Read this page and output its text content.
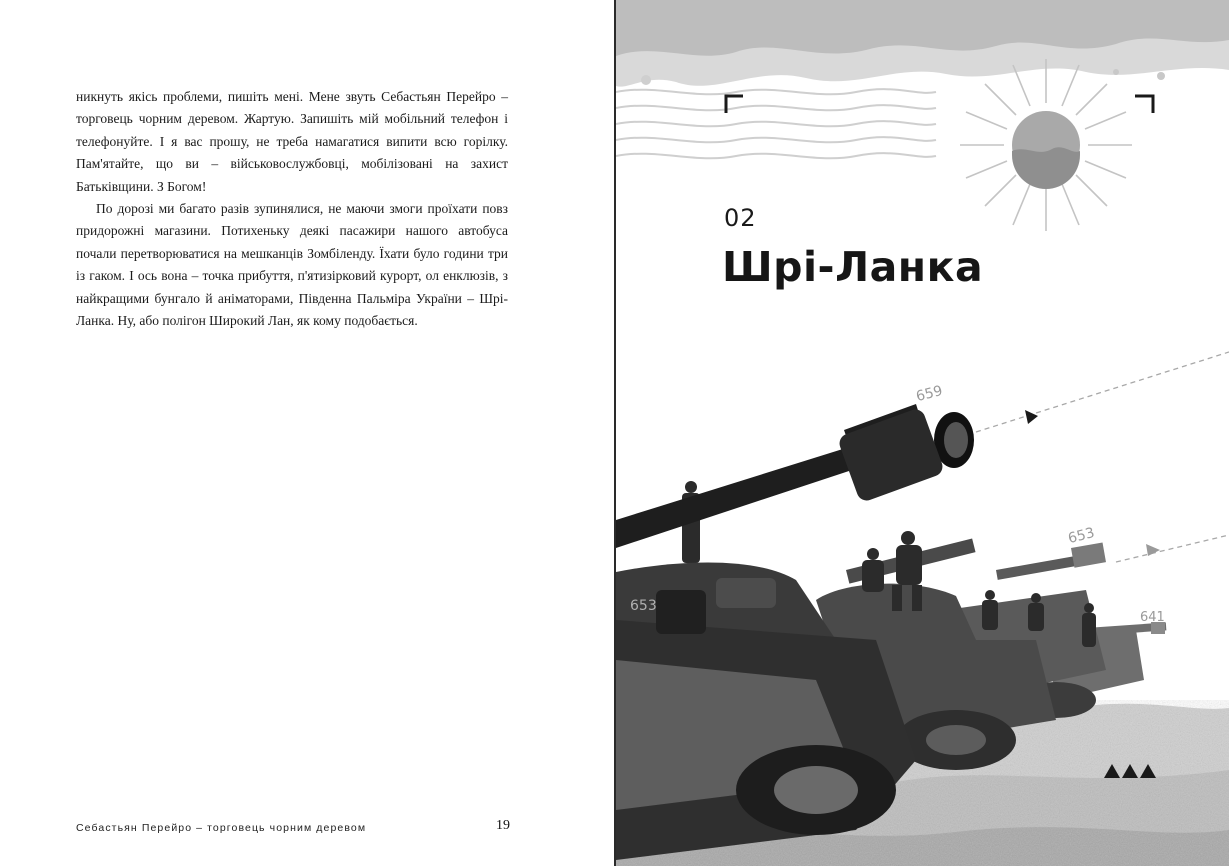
никнуть якісь проблеми, пишіть мені. Мене звуть Себастьян Перейро – торговець чорним деревом. Жартую. Запишіть мій мобільний телефон і телефонуйте. І я вас прошу, не треба намагатися випити всю горілку. Пам'ятайте, що ви – військовослужбовці, мобілізовані на захист Батьківщини. З Богом!

По дорозі ми багато разів зупинялися, не маючи змоги проїхати повз придорожні магазини. Потихеньку деякі пасажири нашого автобуса почали перетворюватися на мешканців Зомбіленду. Їхати було години три із гаком. І ось вона – точка прибуття, п'ятизірковий курорт, ол енклюзів, з найкращими бунгало й аніматорами, Південна Пальміра України – Шрі-Ланка. Ну, або полігон Широкий Лан, як кому подобається.

Себастьян Перейро – торговець чорним деревом	19
653
02
Шрі-Ланка
659
653
641
